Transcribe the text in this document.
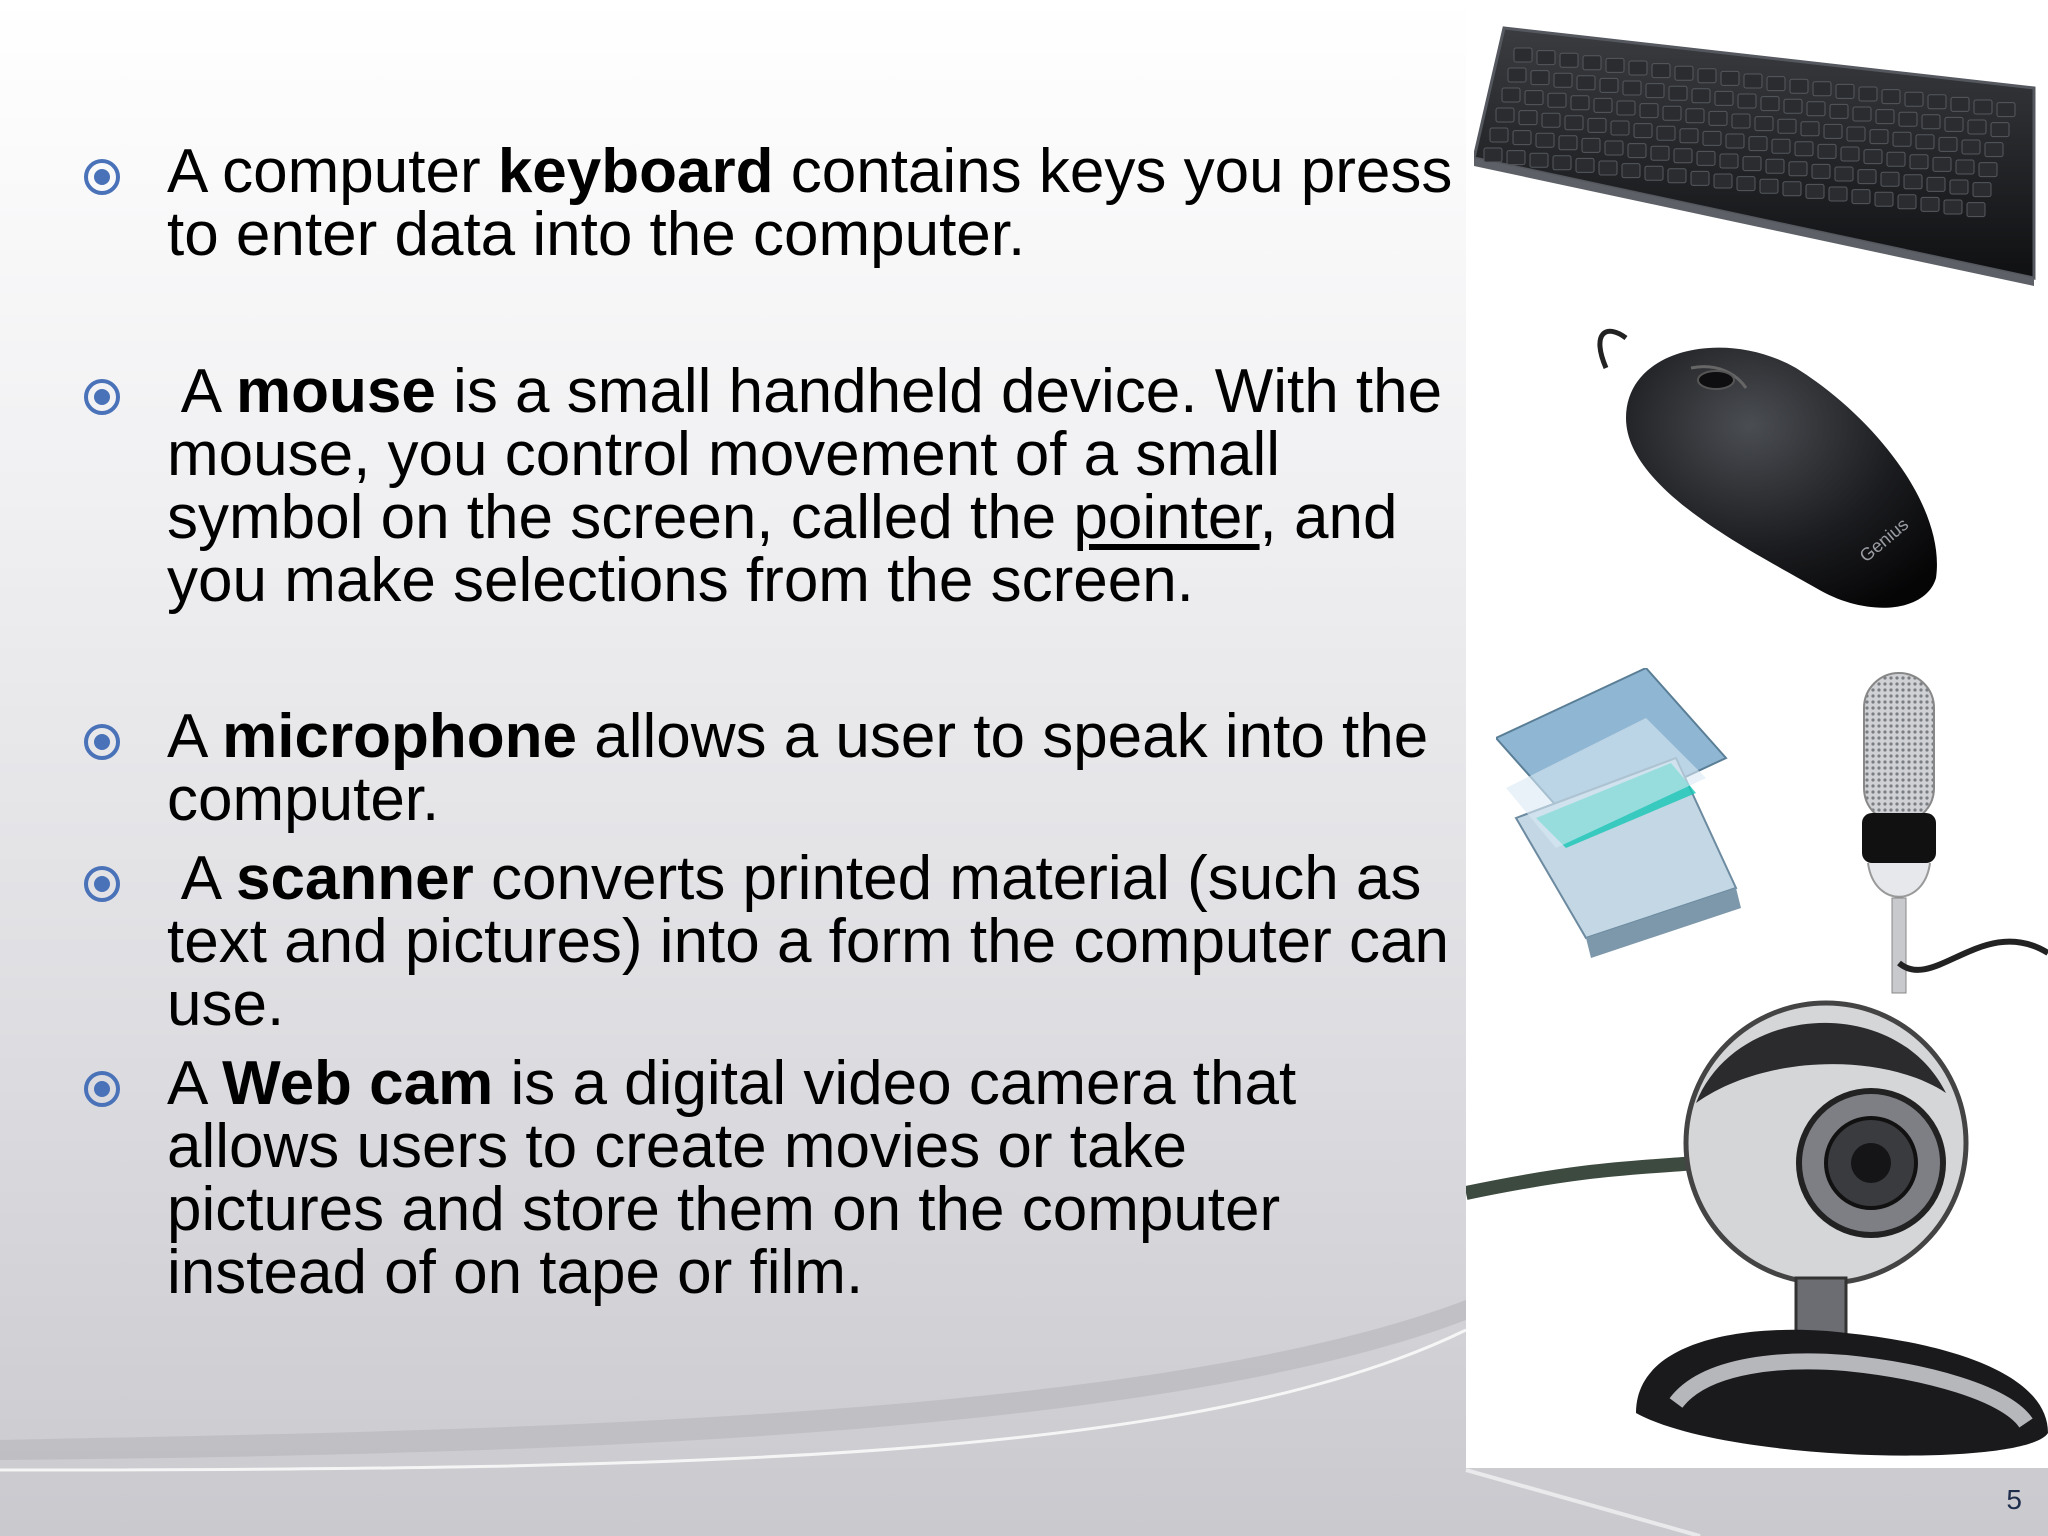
A computer keyboard contains keys you press to enter data into the computer.
A mouse is a small handheld device. With the mouse, you control movement of a small symbol on the screen, called the pointer, and you make selections from the screen.
A microphone allows a user to speak into the computer.
A scanner converts printed material (such as text and pictures) into a form the computer can use.
A Web cam is a digital video camera that allows users to create movies or take pictures and store them on the computer instead of on tape or film.
Genius
5
